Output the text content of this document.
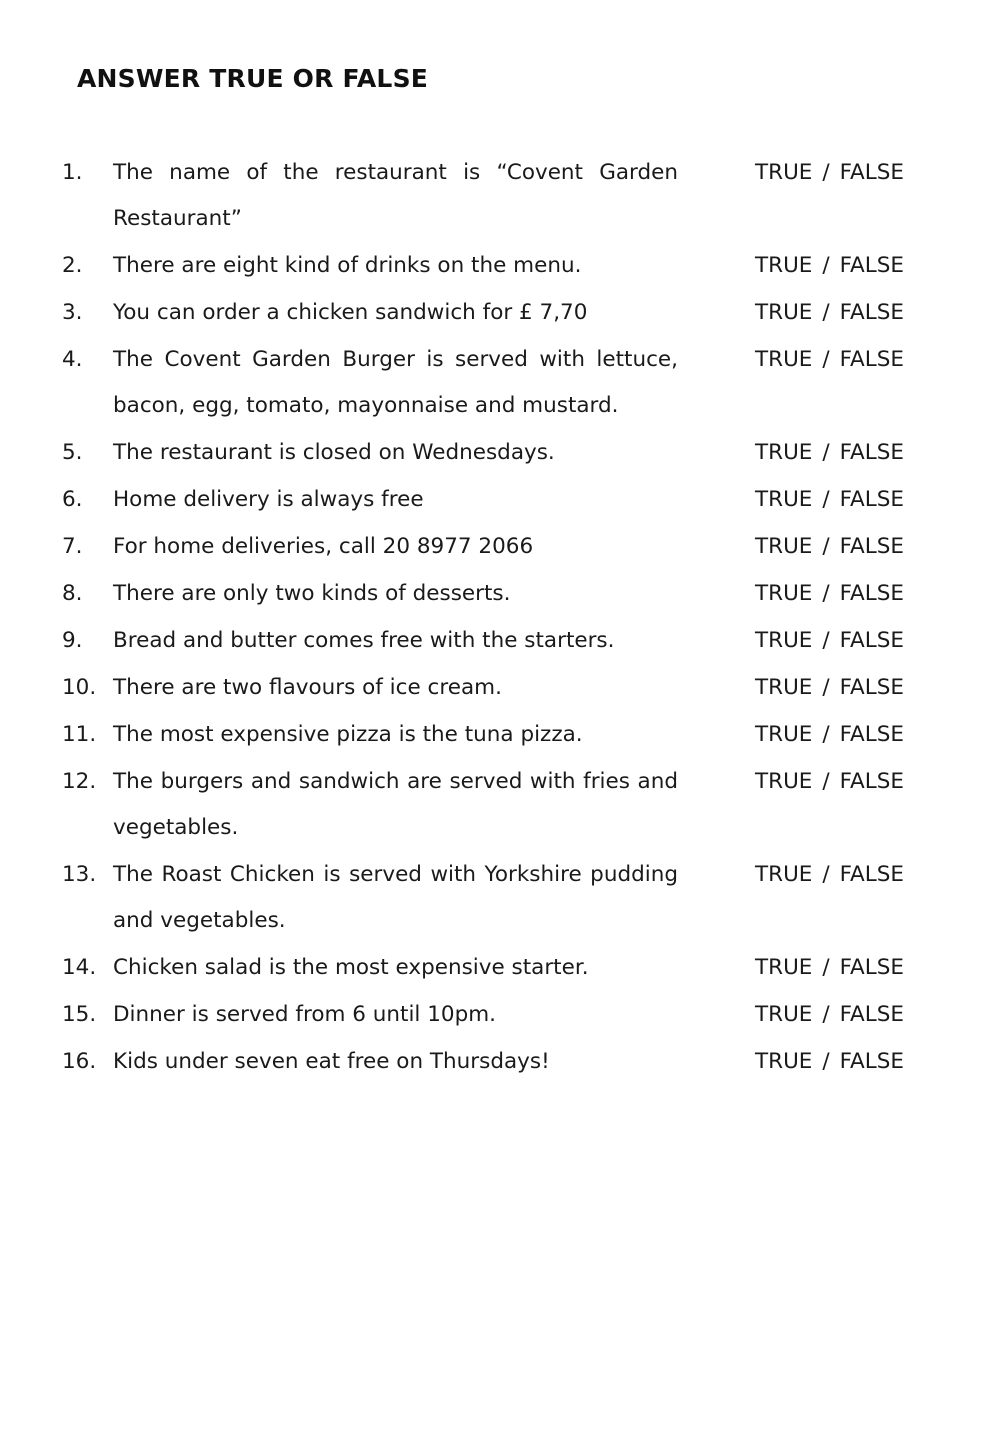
ANSWER TRUE OR FALSE
1.	The name of the restaurant is “Covent Garden Restaurant”
TRUE / FALSE
2.	There are eight kind of drinks on the menu.	TRUE / FALSE
3.	You can order a chicken sandwich for £ 7,70	TRUE / FALSE
4.	The Covent Garden Burger is served with lettuce, bacon, egg, tomato, mayonnaise and mustard.
TRUE / FALSE
5.	The restaurant is closed on Wednesdays.	TRUE / FALSE
6.	Home delivery is always free	TRUE / FALSE
7.	For home deliveries, call 20 8977 2066	TRUE / FALSE
8.	There are only two kinds of desserts.	TRUE / FALSE
9.	Bread and butter comes free with the starters.	TRUE / FALSE
10. There are two flavours of ice cream.	TRUE / FALSE
11. The most expensive pizza is the tuna pizza.	TRUE / FALSE
12. The burgers and sandwich are served with fries and vegetables.
TRUE / FALSE
13. The Roast Chicken is served with Yorkshire pudding and vegetables.
TRUE / FALSE
14. Chicken salad is the most expensive starter.	TRUE / FALSE
15. Dinner is served from 6 until 10pm.	TRUE / FALSE
16. Kids under seven eat free on Thursdays!	TRUE / FALSE
